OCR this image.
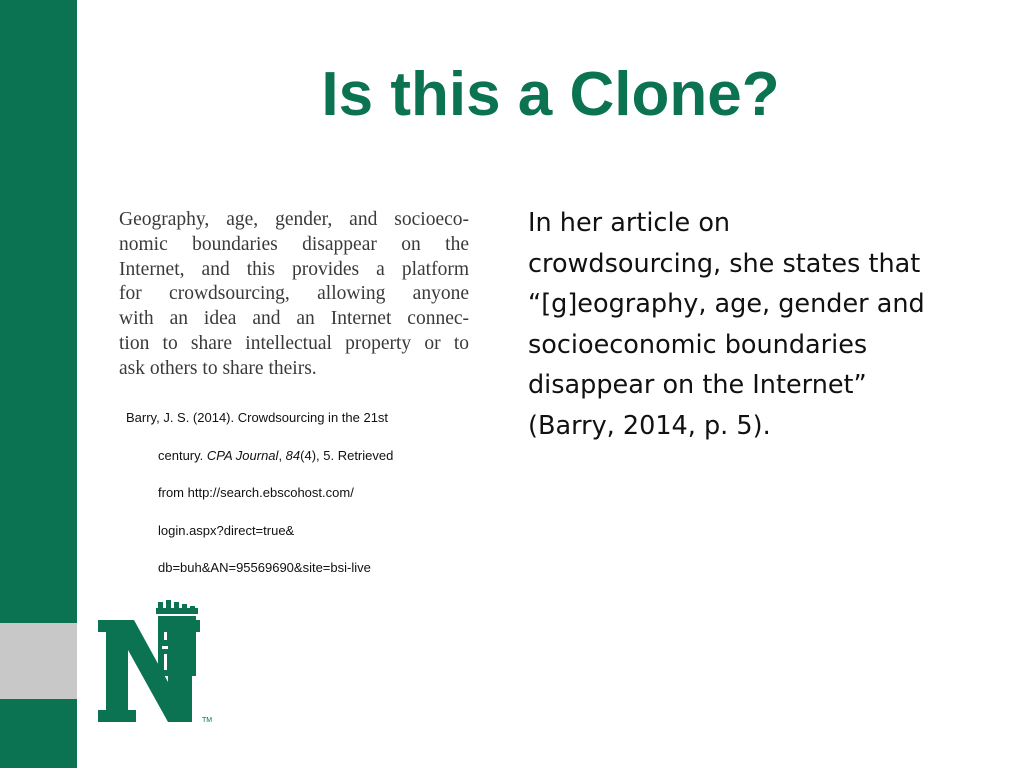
Is this a Clone?
Geography, age, gender, and socioeco-
nomic boundaries disappear on the
Internet, and this provides a platform
for crowdsourcing, allowing anyone
with an idea and an Internet connec-
tion to share intellectual property or to
ask others to share theirs.
Barry, J. S. (2014). Crowdsourcing in the 21st
century. CPA Journal, 84(4), 5. Retrieved
from http://search.ebscohost.com/
login.aspx?direct=true&
db=buh&AN=95569690&site=bsi-live
In her article on
crowdsourcing, she states that
“[g]eography, age, gender and
socioeconomic boundaries
disappear on the Internet”
(Barry, 2014, p. 5).
TM
